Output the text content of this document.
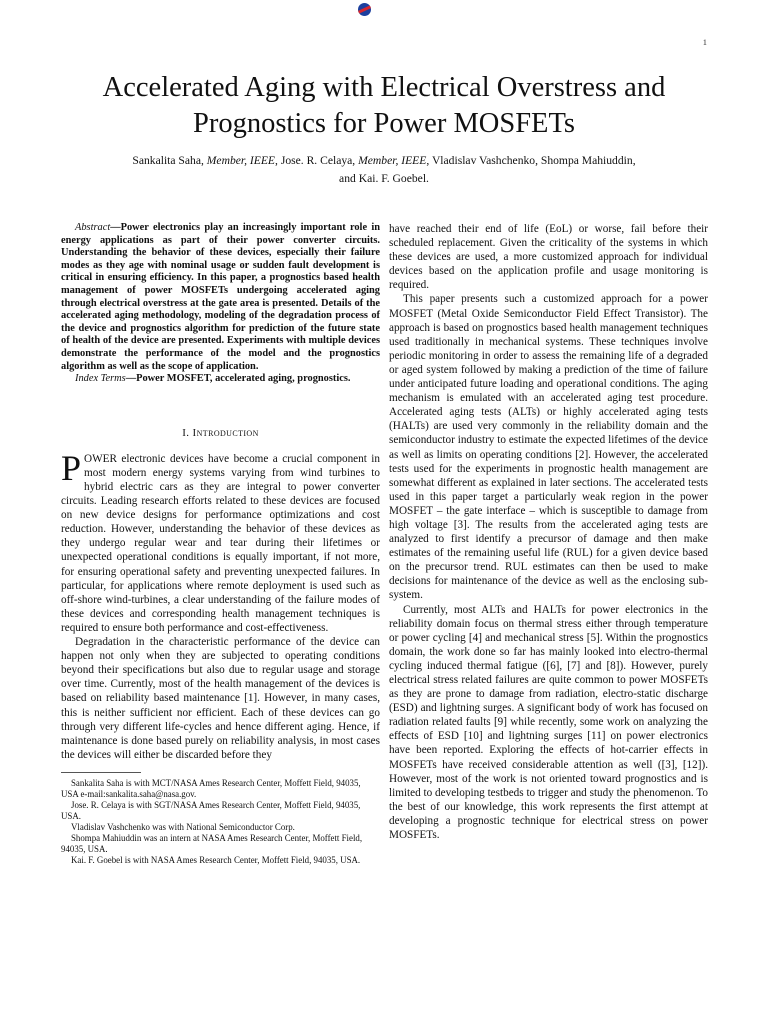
1
Accelerated Aging with Electrical Overstress and Prognostics for Power MOSFETs

Sankalita Saha, Member, IEEE, Jose. R. Celaya, Member, IEEE, Vladislav Vashchenko, Shompa Mahiuddin,
and Kai. F. Goebel.

Abstract—Power electronics play an increasingly important role in energy applications as part of their power converter circuits. Understanding the behavior of these devices, especially their failure modes as they age with nominal usage or sudden fault development is critical in ensuring efficiency. In this paper, a prognostics based health management of power MOSFETs undergoing accelerated aging through electrical overstress at the gate area is presented. Details of the accelerated aging methodology, modeling of the degradation process of the device and prognostics algorithm for prediction of the future state of health of the device are presented. Experiments with multiple devices demonstrate the performance of the model and the prognostics algorithm as well as the scope of application.

Index Terms—Power MOSFET, accelerated aging, prognostics.

I. Introduction

POWER electronic devices have become a crucial component in most modern energy systems varying from wind turbines to hybrid electric cars as they are integral to power converter circuits. Leading research efforts related to these devices are focused on new device designs for performance optimizations and cost reduction. However, understanding the behavior of these devices as they undergo regular wear and tear during their lifetimes or unexpected operational conditions is equally important, if not more, for ensuring operational safety and preventing unexpected failures. In particular, for applications where remote deployment is used such as off-shore wind-turbines, a clear understanding of the failure modes of these devices and corresponding health management techniques is required to ensure both performance and cost-effectiveness.

Degradation in the characteristic performance of the device can happen not only when they are subjected to operating conditions beyond their specifications but also due to regular usage and storage over time. Currently, most of the health management of the devices is based on reliability based maintenance [1]. However, in many cases, this is neither sufficient nor efficient. Each of these devices can go through very different life-cycles and hence different aging. Hence, if maintenance is done based purely on reliability analysis, in most cases the devices will either be discarded before they

Sankalita Saha is with MCT/NASA Ames Research Center, Moffett Field, 94035, USA e-mail:sankalita.saha@nasa.gov.

Jose. R. Celaya is with SGT/NASA Ames Research Center, Moffett Field, 94035, USA.

Vladislav Vashchenko was with National Semiconductor Corp.

Shompa Mahiuddin was an intern at NASA Ames Research Center, Moffett Field, 94035, USA.

Kai. F. Goebel is with NASA Ames Research Center, Moffett Field, 94035, USA.

have reached their end of life (EoL) or worse, fail before their scheduled replacement. Given the criticality of the systems in which these devices are used, a more customized approach for individual devices based on the application profile and usage monitoring is required.

This paper presents such a customized approach for a power MOSFET (Metal Oxide Semiconductor Field Effect Transistor). The approach is based on prognostics based health management techniques used traditionally in mechanical systems. These techniques involve periodic monitoring in order to assess the remaining life of a degraded or aged system followed by making a prediction of the time of failure under anticipated future loading and operational conditions. The aging mechanism is emulated with an accelerated aging test procedure. Accelerated aging tests (ALTs) or highly accelerated aging tests (HALTs) are used very commonly in the reliability domain and the semiconductor industry to estimate the expected lifetimes of the device as well as limits on operating conditions [2]. However, the accelerated tests used for the experiments in prognostic health management are somewhat different as explained in later sections. The accelerated tests used in this paper target a particularly weak region in the power MOSFET – the gate interface – which is susceptible to damage from high voltage [3]. The results from the accelerated aging tests are analyzed to first identify a precursor of damage and then make estimates of the remaining useful life (RUL) for a given device based on the precursor trend. RUL estimates can then be used to make decisions for maintenance of the device as well as the enclosing sub-system.

Currently, most ALTs and HALTs for power electronics in the reliability domain focus on thermal stress either through temperature or power cycling [4] and mechanical stress [5]. Within the prognostics domain, the work done so far has mainly looked into electro-thermal cycling induced thermal fatigue ([6], [7] and [8]). However, purely electrical stress related failures are quite common to power MOSFETs as they are prone to damage from radiation, electro-static discharge (ESD) and lightning surges. A significant body of work has focused on radiation related faults [9] while recently, some work on analyzing the effects of ESD [10] and lightning surges [11] on power electronics have been reported. Exploring the effects of hot-carrier effects in MOSFETs have received considerable attention as well ([3], [12]). However, most of the work is not oriented toward prognostics and is limited to developing testbeds to trigger and study the phenomenon. To the best of our knowledge, this work represents the first attempt at developing a prognostic technique for electrical stress on power MOSFETs.
